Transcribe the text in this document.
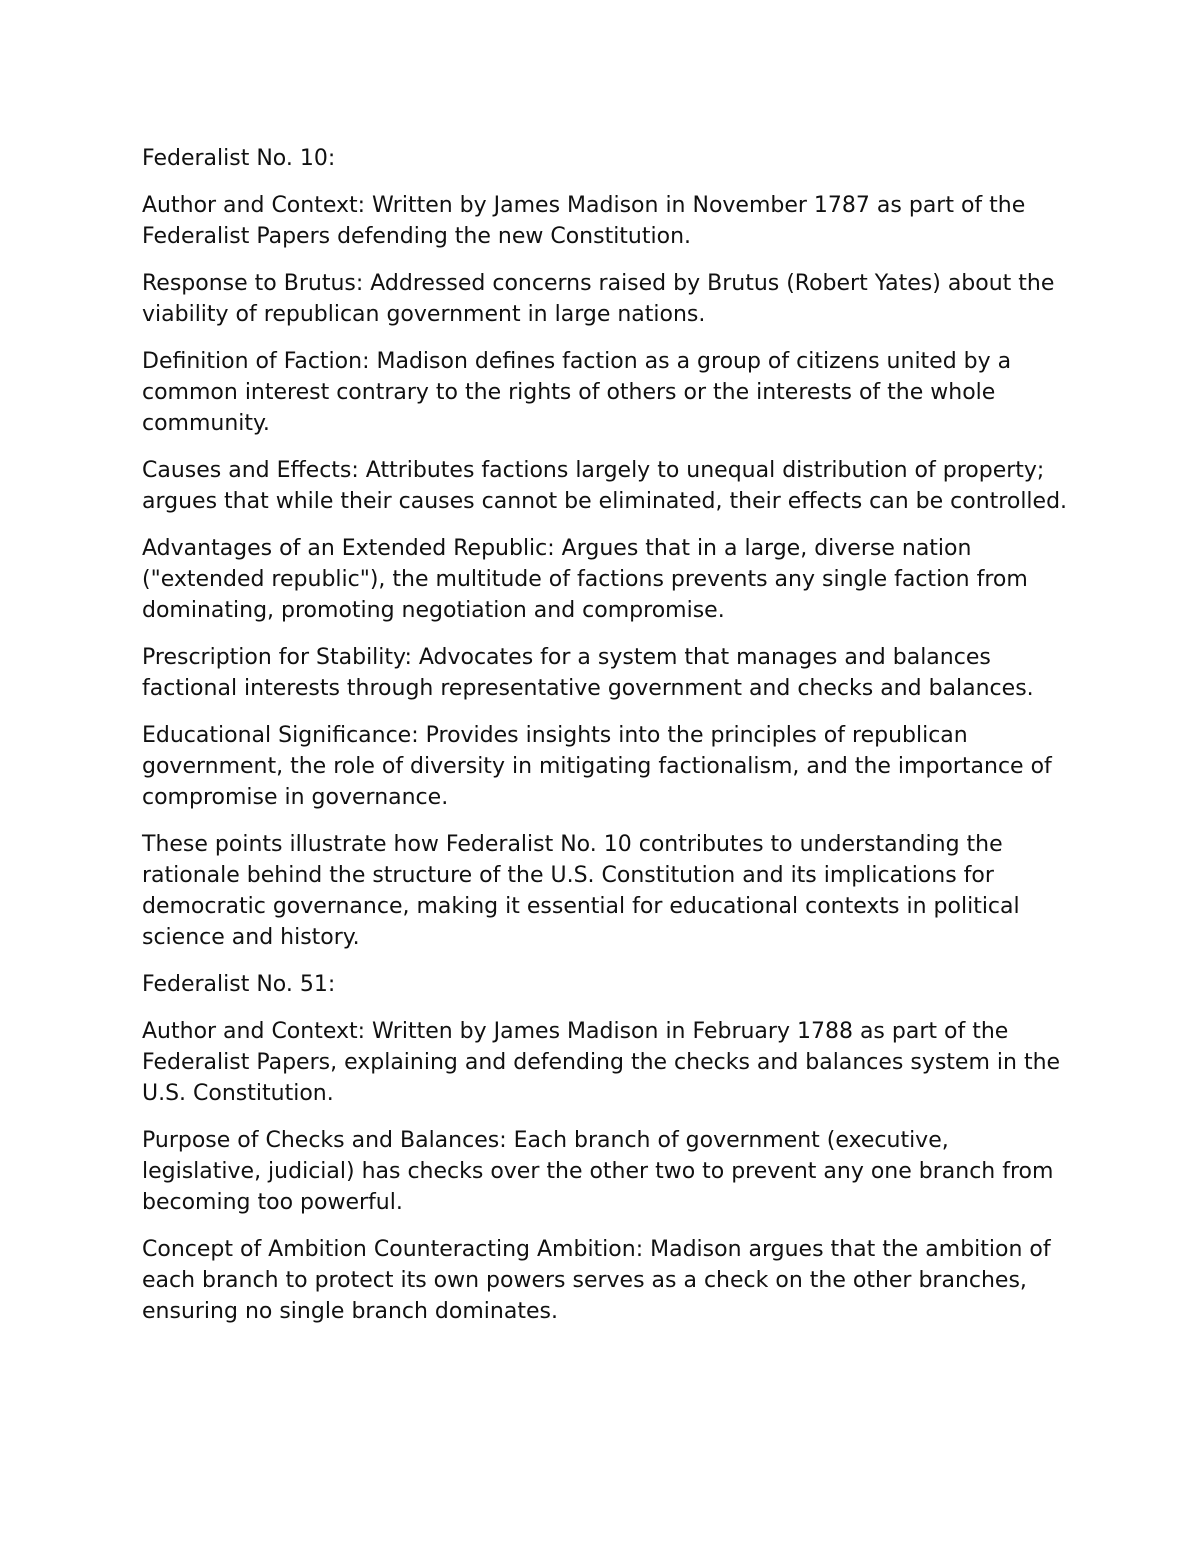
Federalist No. 10:

Author and Context: Written by James Madison in November 1787 as part of the Federalist Papers defending the new Constitution.

Response to Brutus: Addressed concerns raised by Brutus (Robert Yates) about the viability of republican government in large nations.

Definition of Faction: Madison defines faction as a group of citizens united by a common interest contrary to the rights of others or the interests of the whole community.

Causes and Effects: Attributes factions largely to unequal distribution of property; argues that while their causes cannot be eliminated, their effects can be controlled.

Advantages of an Extended Republic: Argues that in a large, diverse nation ("extended republic"), the multitude of factions prevents any single faction from dominating, promoting negotiation and compromise.

Prescription for Stability: Advocates for a system that manages and balances factional interests through representative government and checks and balances.

Educational Significance: Provides insights into the principles of republican government, the role of diversity in mitigating factionalism, and the importance of compromise in governance.

These points illustrate how Federalist No. 10 contributes to understanding the rationale behind the structure of the U.S. Constitution and its implications for democratic governance, making it essential for educational contexts in political science and history.

Federalist No. 51:

Author and Context: Written by James Madison in February 1788 as part of the Federalist Papers, explaining and defending the checks and balances system in the U.S. Constitution.

Purpose of Checks and Balances: Each branch of government (executive, legislative, judicial) has checks over the other two to prevent any one branch from becoming too powerful.

Concept of Ambition Counteracting Ambition: Madison argues that the ambition of each branch to protect its own powers serves as a check on the other branches, ensuring no single branch dominates.
